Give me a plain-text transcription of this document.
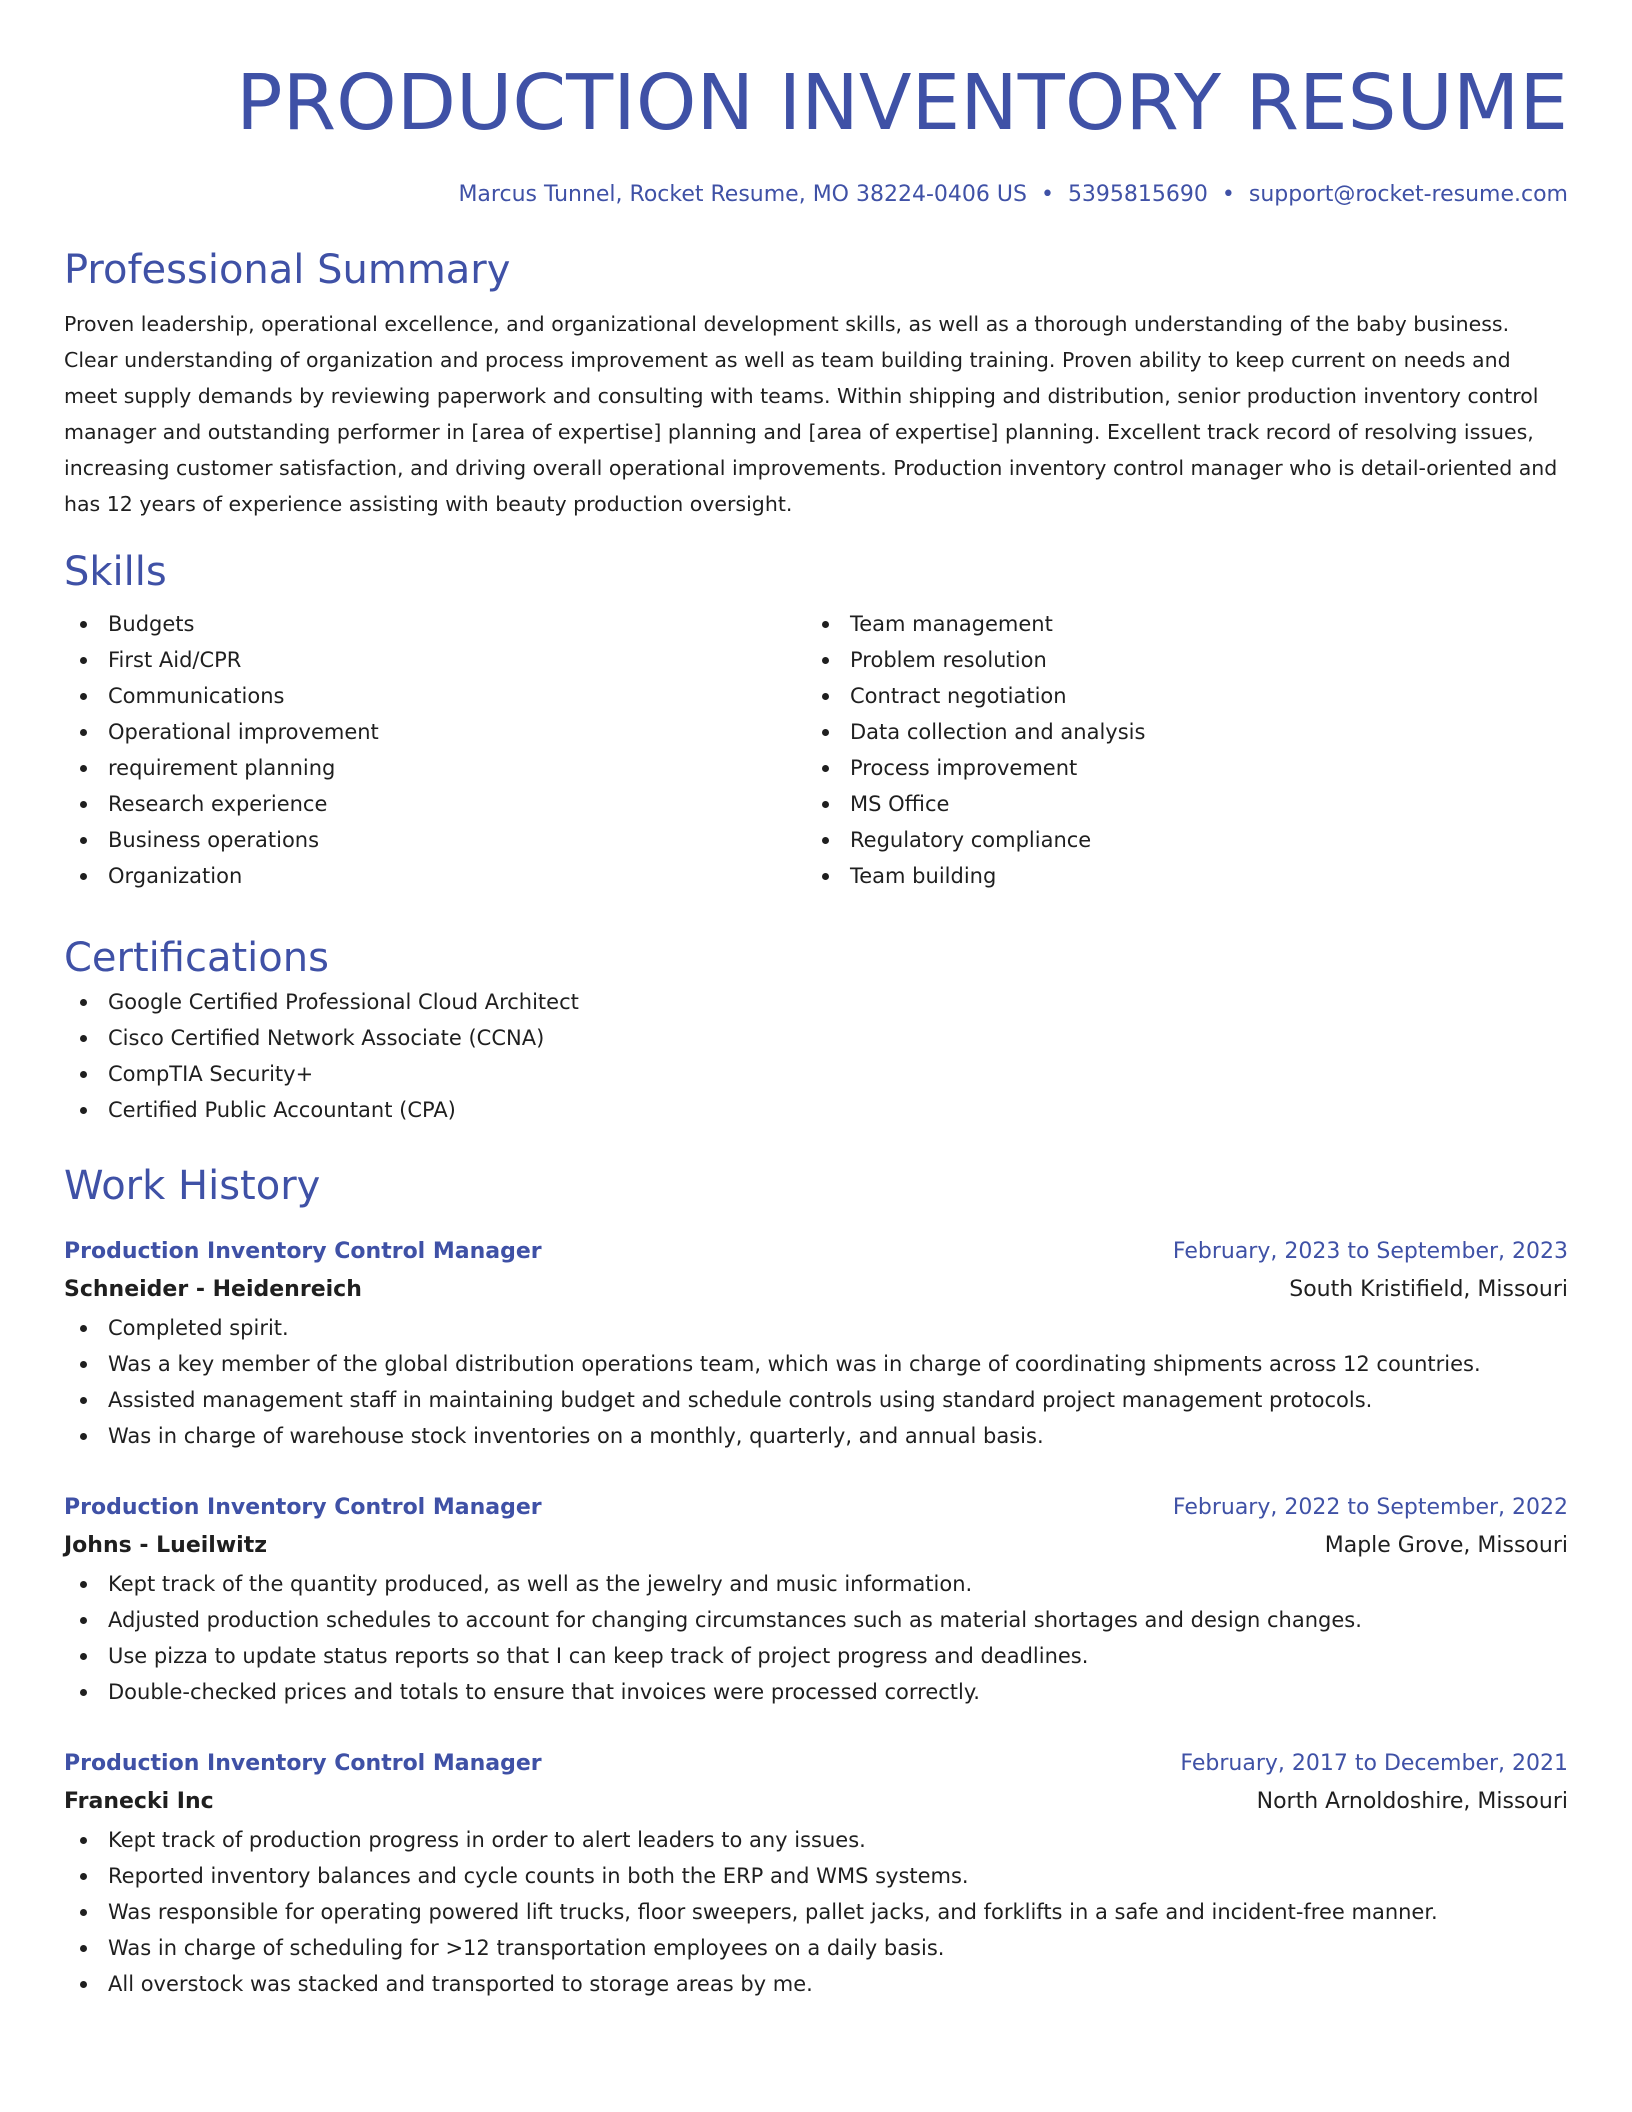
PRODUCTION INVENTORY RESUME
Marcus Tunnel, Rocket Resume, MO 38224-0406 US • 5395815690 • support@rocket-resume.com
Professional Summary

Proven leadership, operational excellence, and organizational development skills, as well as a thorough understanding of the baby business. Clear understanding of organization and process improvement as well as team building training. Proven ability to keep current on needs and meet supply demands by reviewing paperwork and consulting with teams. Within shipping and distribution, senior production inventory control manager and outstanding performer in [area of expertise] planning and [area of expertise] planning. Excellent track record of resolving issues, increasing customer satisfaction, and driving overall operational improvements. Production inventory control manager who is detail-oriented and has 12 years of experience assisting with beauty production oversight.

Skills
Budgets
First Aid/CPR
Communications
Operational improvement
requirement planning
Research experience
Business operations
Organization
Team management
Problem resolution
Contract negotiation
Data collection and analysis
Process improvement
MS Office
Regulatory compliance
Team building
Certifications
Google Certified Professional Cloud Architect
Cisco Certified Network Associate (CCNA)
CompTIA Security+
Certified Public Accountant (CPA)
Work History
Production Inventory Control Manager	February, 2023 to September, 2023
Schneider - Heidenreich	South Kristifield, Missouri
Completed spirit.
Was a key member of the global distribution operations team, which was in charge of coordinating shipments across 12 countries.
Assisted management staff in maintaining budget and schedule controls using standard project management protocols.
Was in charge of warehouse stock inventories on a monthly, quarterly, and annual basis.
Production Inventory Control Manager	February, 2022 to September, 2022
Johns - Lueilwitz	Maple Grove, Missouri
Kept track of the quantity produced, as well as the jewelry and music information.
Adjusted production schedules to account for changing circumstances such as material shortages and design changes.
Use pizza to update status reports so that I can keep track of project progress and deadlines.
Double-checked prices and totals to ensure that invoices were processed correctly.
Production Inventory Control Manager	February, 2017 to December, 2021
Franecki Inc	North Arnoldoshire, Missouri
Kept track of production progress in order to alert leaders to any issues.
Reported inventory balances and cycle counts in both the ERP and WMS systems.
Was responsible for operating powered lift trucks, floor sweepers, pallet jacks, and forklifts in a safe and incident-free manner.
Was in charge of scheduling for >12 transportation employees on a daily basis.
All overstock was stacked and transported to storage areas by me.
